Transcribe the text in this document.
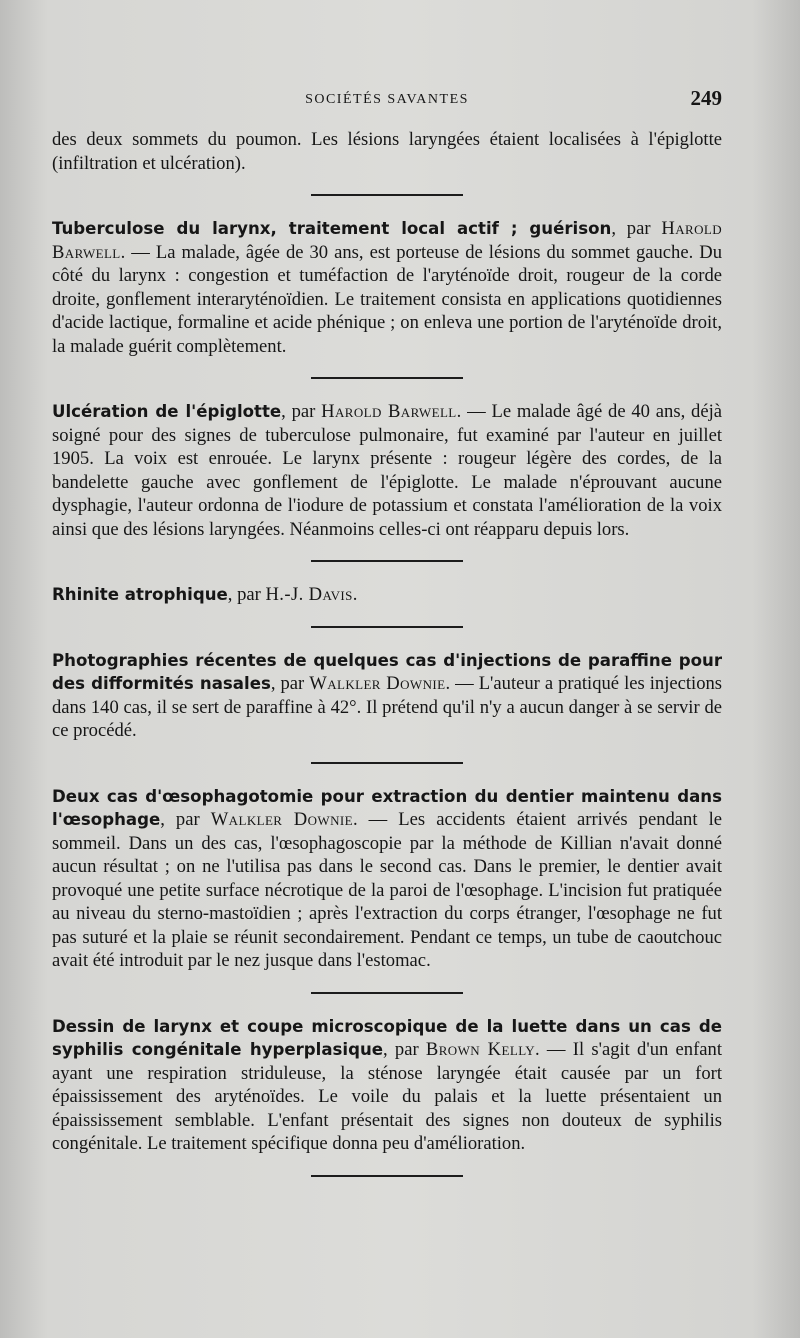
SOCIÉTÉS SAVANTES	249

des deux sommets du poumon. Les lésions laryngées étaient localisées à l'épiglotte (infiltration et ulcération).

Tuberculose du larynx, traitement local actif ; guérison, par Harold Barwell. — La malade, âgée de 30 ans, est porteuse de lésions du sommet gauche. Du côté du larynx : congestion et tuméfaction de l'aryténoïde droit, rougeur de la corde droite, gonflement interaryténoïdien. Le traitement consista en applications quotidiennes d'acide lactique, formaline et acide phénique ; on enleva une portion de l'aryténoïde droit, la malade guérit complètement.

Ulcération de l'épiglotte, par Harold Barwell. — Le malade âgé de 40 ans, déjà soigné pour des signes de tuberculose pulmonaire, fut examiné par l'auteur en juillet 1905. La voix est enrouée. Le larynx présente : rougeur légère des cordes, de la bandelette gauche avec gonflement de l'épiglotte. Le malade n'éprouvant aucune dysphagie, l'auteur ordonna de l'iodure de potassium et constata l'amélioration de la voix ainsi que des lésions laryngées. Néanmoins celles-ci ont réapparu depuis lors.

Rhinite atrophique, par H.-J. Davis.

Photographies récentes de quelques cas d'injections de paraffine pour des difformités nasales, par Walkler Downie. — L'auteur a pratiqué les injections dans 140 cas, il se sert de paraffine à 42°. Il prétend qu'il n'y a aucun danger à se servir de ce procédé.

Deux cas d'œsophagotomie pour extraction du dentier maintenu dans l'œsophage, par Walkler Downie. — Les accidents étaient arrivés pendant le sommeil. Dans un des cas, l'œsophagoscopie par la méthode de Killian n'avait donné aucun résultat ; on ne l'utilisa pas dans le second cas. Dans le premier, le dentier avait provoqué une petite surface nécrotique de la paroi de l'œsophage. L'incision fut pratiquée au niveau du sterno-mastoïdien ; après l'extraction du corps étranger, l'œsophage ne fut pas suturé et la plaie se réunit secondairement. Pendant ce temps, un tube de caoutchouc avait été introduit par le nez jusque dans l'estomac.

Dessin de larynx et coupe microscopique de la luette dans un cas de syphilis congénitale hyperplasique, par Brown Kelly. — Il s'agit d'un enfant ayant une respiration striduleuse, la sténose laryngée était causée par un fort épaississement des aryténoïdes. Le voile du palais et la luette présentaient un épaississement semblable. L'enfant présentait des signes non douteux de syphilis congénitale. Le traitement spécifique donna peu d'amélioration.
